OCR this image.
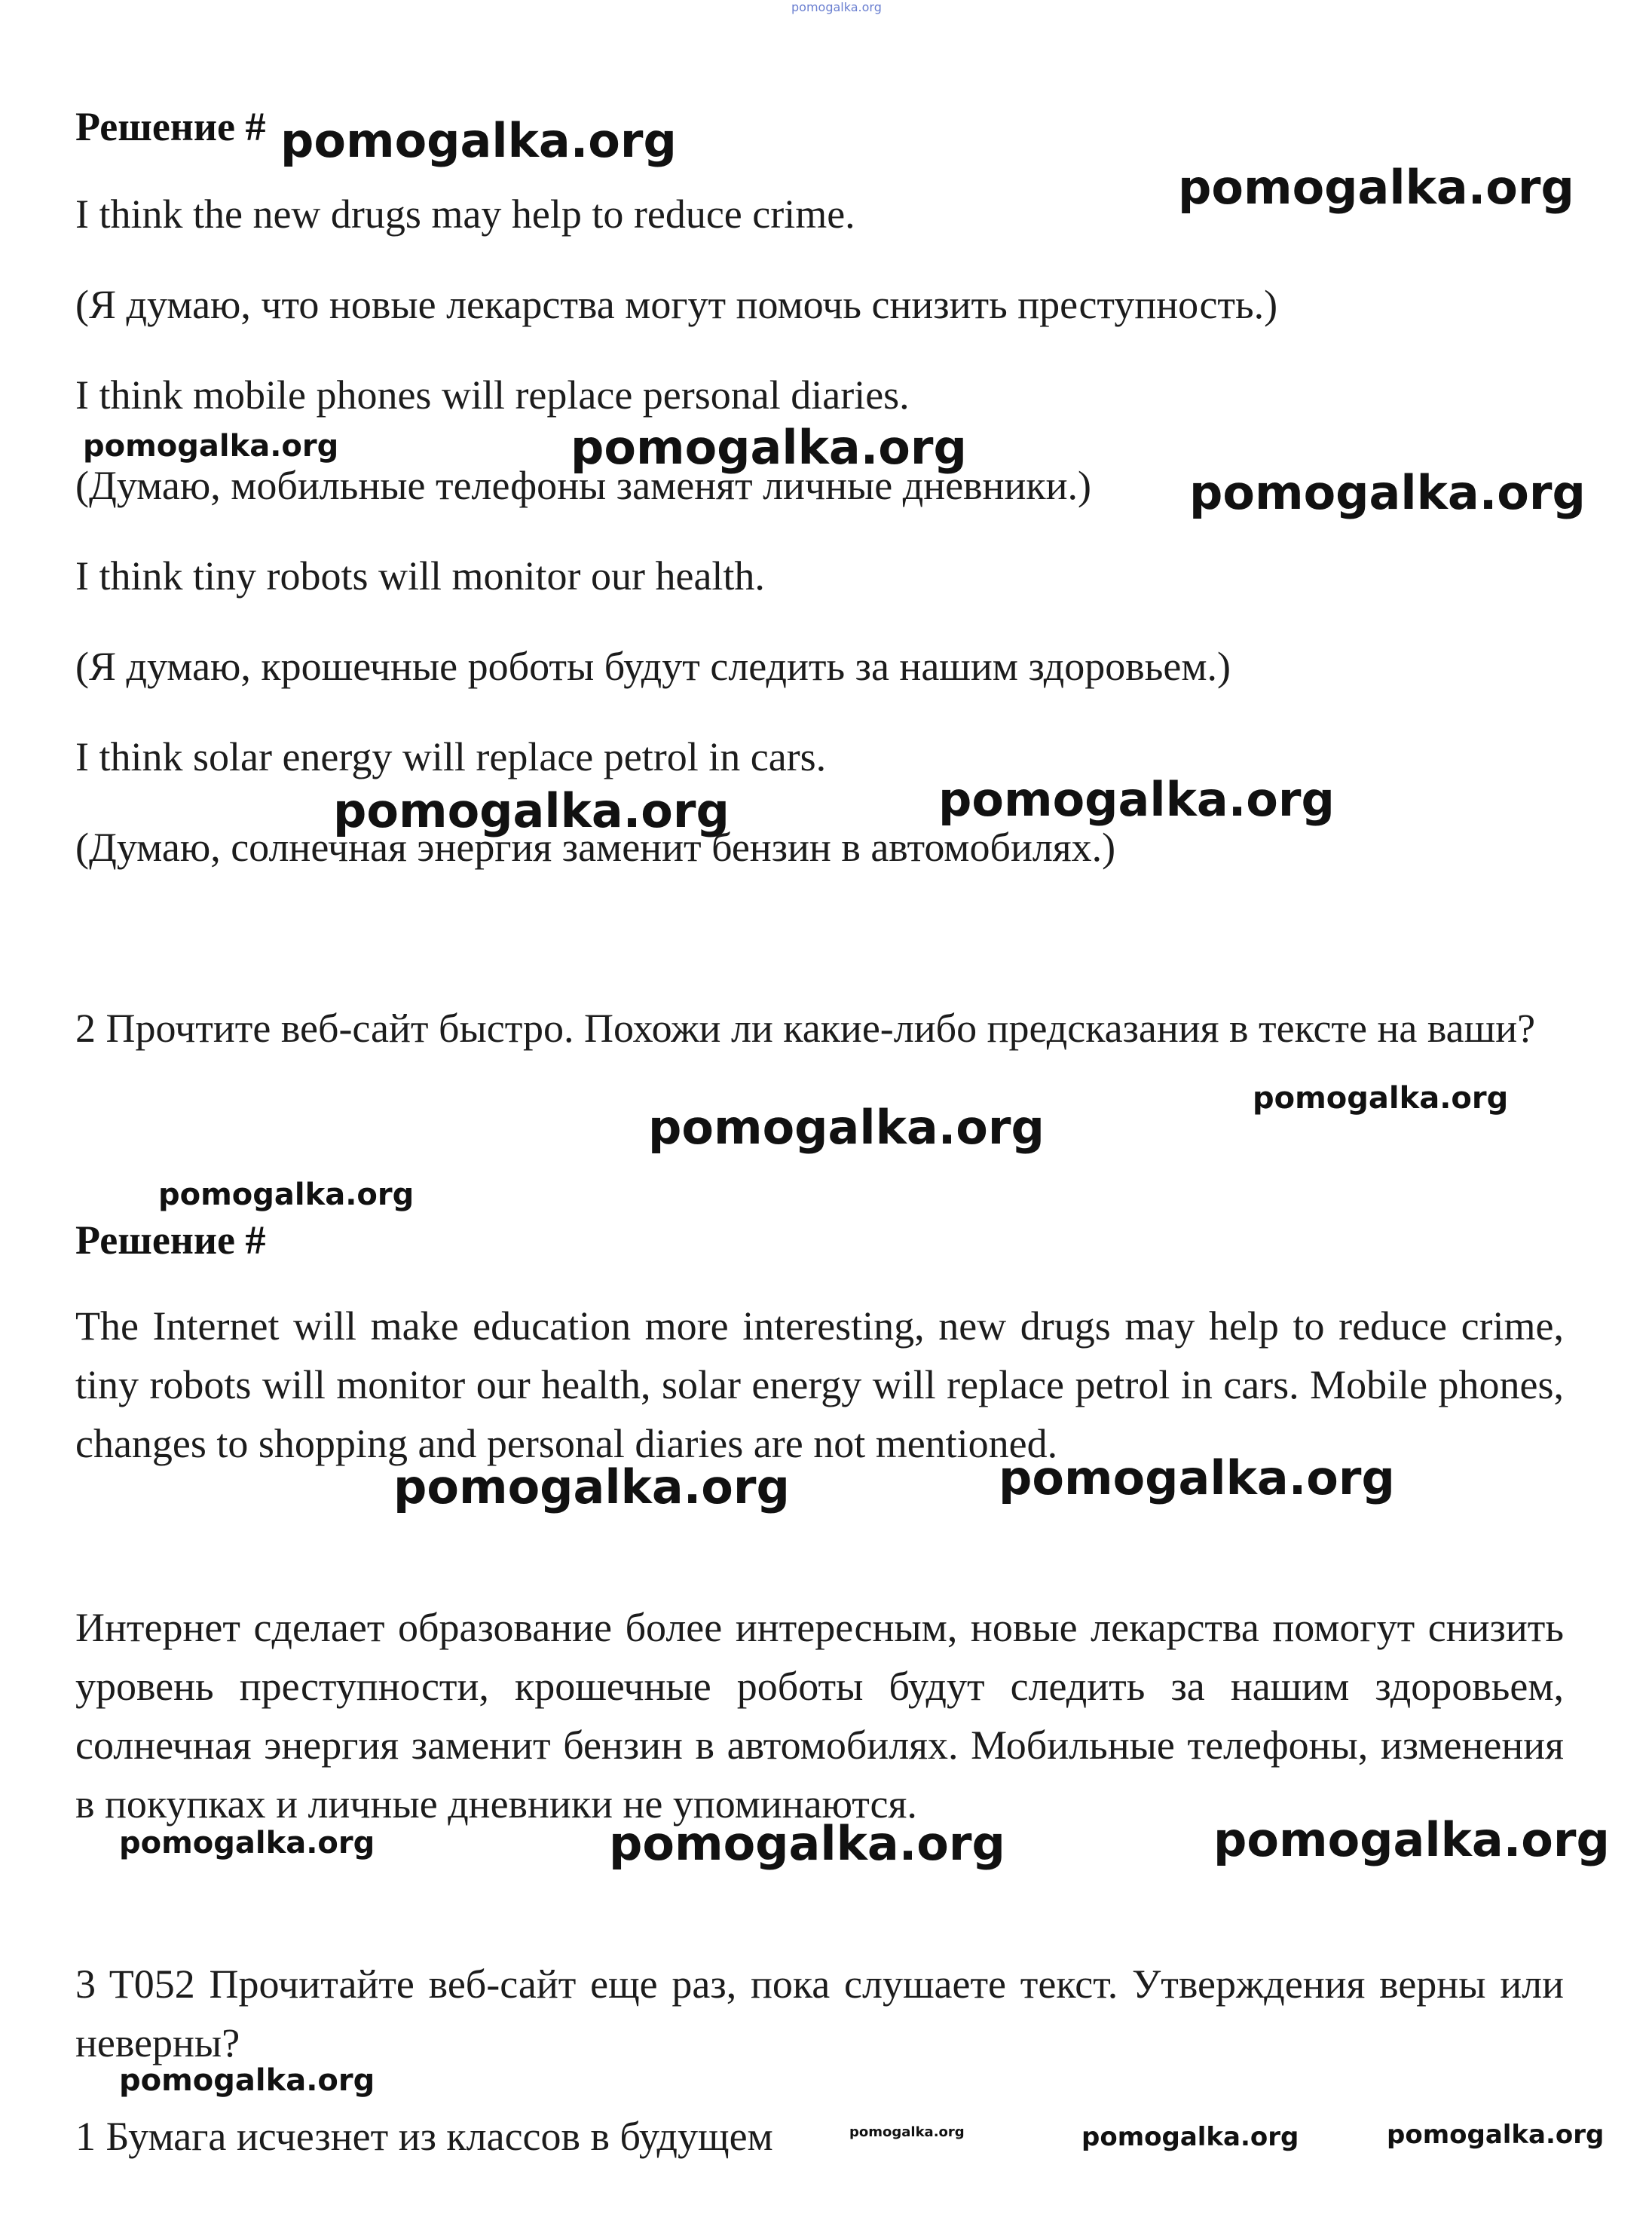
pomogalka.org
Решение # pomogalka.org
pomogalka.org
I think the new drugs may help to reduce crime.
(Я думаю, что новые лекарства могут помочь снизить преступность.)
I think mobile phones will replace personal diaries.
pomogalka.org	pomogalka.org
(Думаю, мобильные телефоны заменят личные дневники.) pomogalka.org
I think tiny robots will monitor our health.
(Я думаю, крошечные роботы будут следить за нашим здоровьем.)
I think solar energy will replace petrol in cars.
pomogalka.org	pomogalka.org
(Думаю, солнечная энергия заменит бензин в автомобилях.)
2 Прочтите веб-сайт быстро. Похожи ли какие-либо предсказания в тексте на ваши?
pomogalka.org
pomogalka.org
pomogalka.org
Решение #
The Internet will make education more interesting, new drugs may help to reduce crime, tiny robots will monitor our health, solar energy will replace petrol in cars. Mobile phones, changes to shopping and personal diaries are not mentioned.
pomogalka.org	pomogalka.org
Интернет сделает образование более интересным, новые лекарства помогут снизить уровень преступности, крошечные роботы будут следить за нашим здоровьем, солнечная энергия заменит бензин в автомобилях. Мобильные телефоны, изменения в покупках и личные дневники не упоминаются.
pomogalka.org	pomogalka.org	pomogalka.org
3 T052 Прочитайте веб-сайт еще раз, пока слушаете текст. Утверждения верны или неверны?
pomogalka.org
1 Бумага исчезнет из классов в будущем	pomogalka.org	pomogalka.org	pomogalka.org
